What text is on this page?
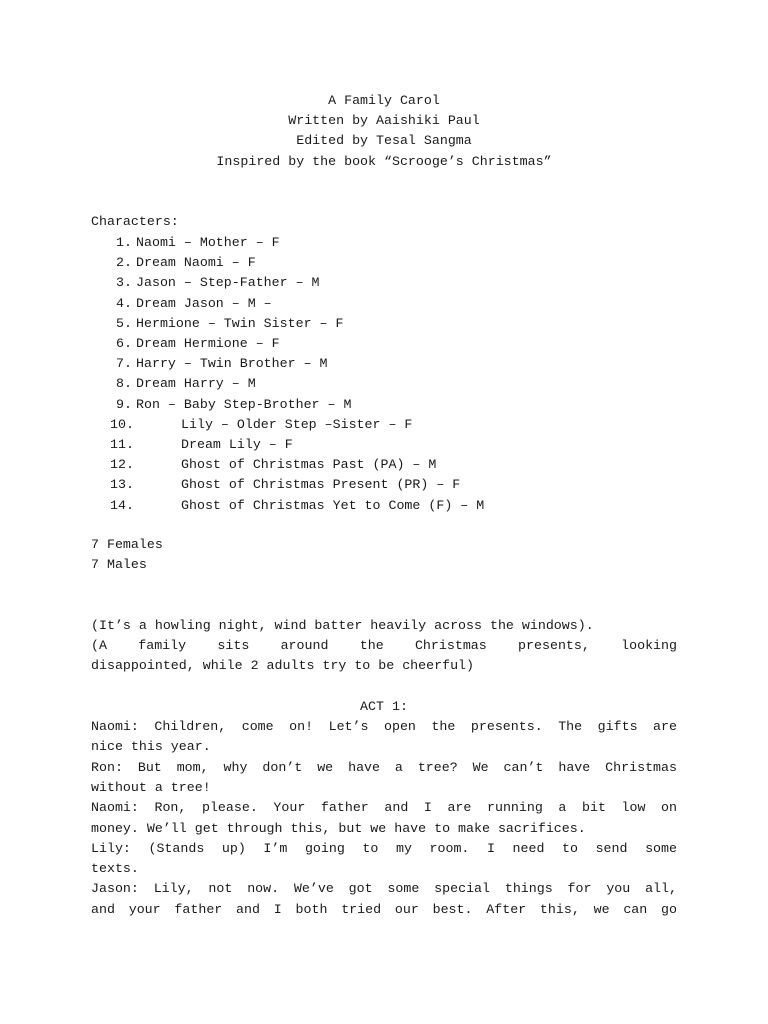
A Family Carol
Written by Aaishiki Paul
Edited by Tesal Sangma
Inspired by the book “Scrooge’s Christmas”
Characters:
1. Naomi – Mother – F
2. Dream Naomi – F
3. Jason – Step-Father – M
4. Dream Jason – M –
5. Hermione – Twin Sister – F
6. Dream Hermione – F
7. Harry – Twin Brother – M
8. Dream Harry – M
9. Ron – Baby Step-Brother – M
10.	Lily – Older Step –Sister – F
11.	Dream Lily – F
12.	Ghost of Christmas Past (PA) – M
13.	Ghost of Christmas Present (PR) – F
14.	Ghost of Christmas Yet to Come (F) – M
7 Females
7 Males
(It’s a howling night, wind batter heavily across the windows).
(A family sits around the Christmas presents, looking
disappointed, while 2 adults try to be cheerful)
ACT 1:
Naomi: Children, come on! Let’s open the presents. The gifts are
nice this year.
Ron: But mom, why don’t we have a tree? We can’t have Christmas
without a tree!
Naomi: Ron, please. Your father and I are running a bit low on
money. We’ll get through this, but we have to make sacrifices.
Lily: (Stands up) I’m going to my room. I need to send some
texts.
Jason: Lily, not now. We’ve got some special things for you all,
and your father and I both tried our best. After this, we can go
